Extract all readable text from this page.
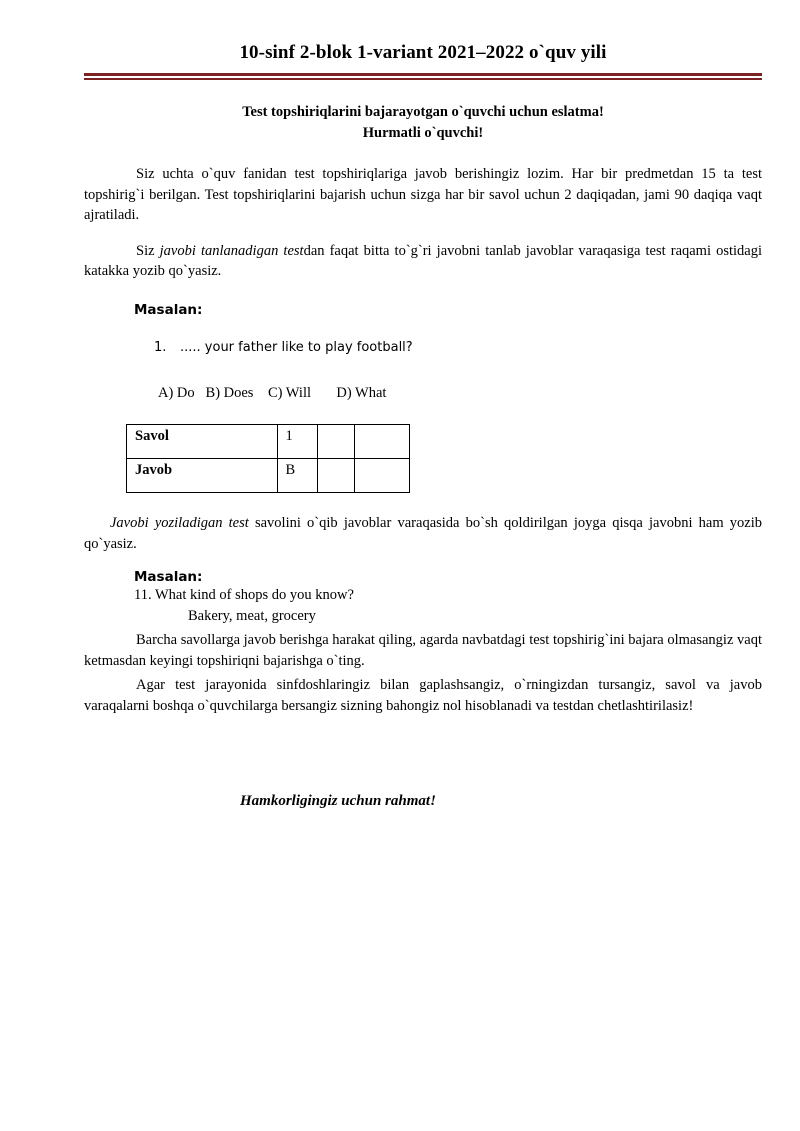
10-sinf 2-blok 1-variant 2021–2022 o`quv yili
Test topshiriqlarini bajarayotgan o`quvchi uchun eslatma!
Hurmatli o`quvchi!

Siz uchta o`quv fanidan test topshiriqlariga javob berishingiz lozim. Har bir predmetdan 15 ta test topshirig`i berilgan. Test topshiriqlarini bajarish uchun sizga har bir savol uchun 2 daqiqadan, jami 90 daqiqa vaqt ajratiladi.

Siz javobi tanlanadigan testdan faqat bitta to`g`ri javobni tanlab javoblar varaqasiga test raqami ostidagi katakka yozib qo`yasiz.

Masalan:
1.	..... your father like to play football?
A) Do   B) Does    C) Will       D) What
Savol	1		
Javob	B		

Javobi yoziladigan test savolini o`qib javoblar varaqasida bo`sh qoldirilgan joyga qisqa javobni ham yozib qo`yasiz.

Masalan:
11. What kind of shops do you know?
Bakery, meat, grocery

Barcha savollarga javob berishga harakat qiling, agarda navbatdagi test topshirig`ini bajara olmasangiz vaqt ketmasdan keyingi topshiriqni bajarishga o`ting.

Agar test jarayonida sinfdoshlaringiz bilan gaplashsangiz, o`rningizdan tursangiz, savol va javob varaqalarni boshqa o`quvchilarga bersangiz sizning bahongiz nol hisoblanadi va testdan chetlashtirilasiz!

Hamkorligingiz uchun rahmat!
